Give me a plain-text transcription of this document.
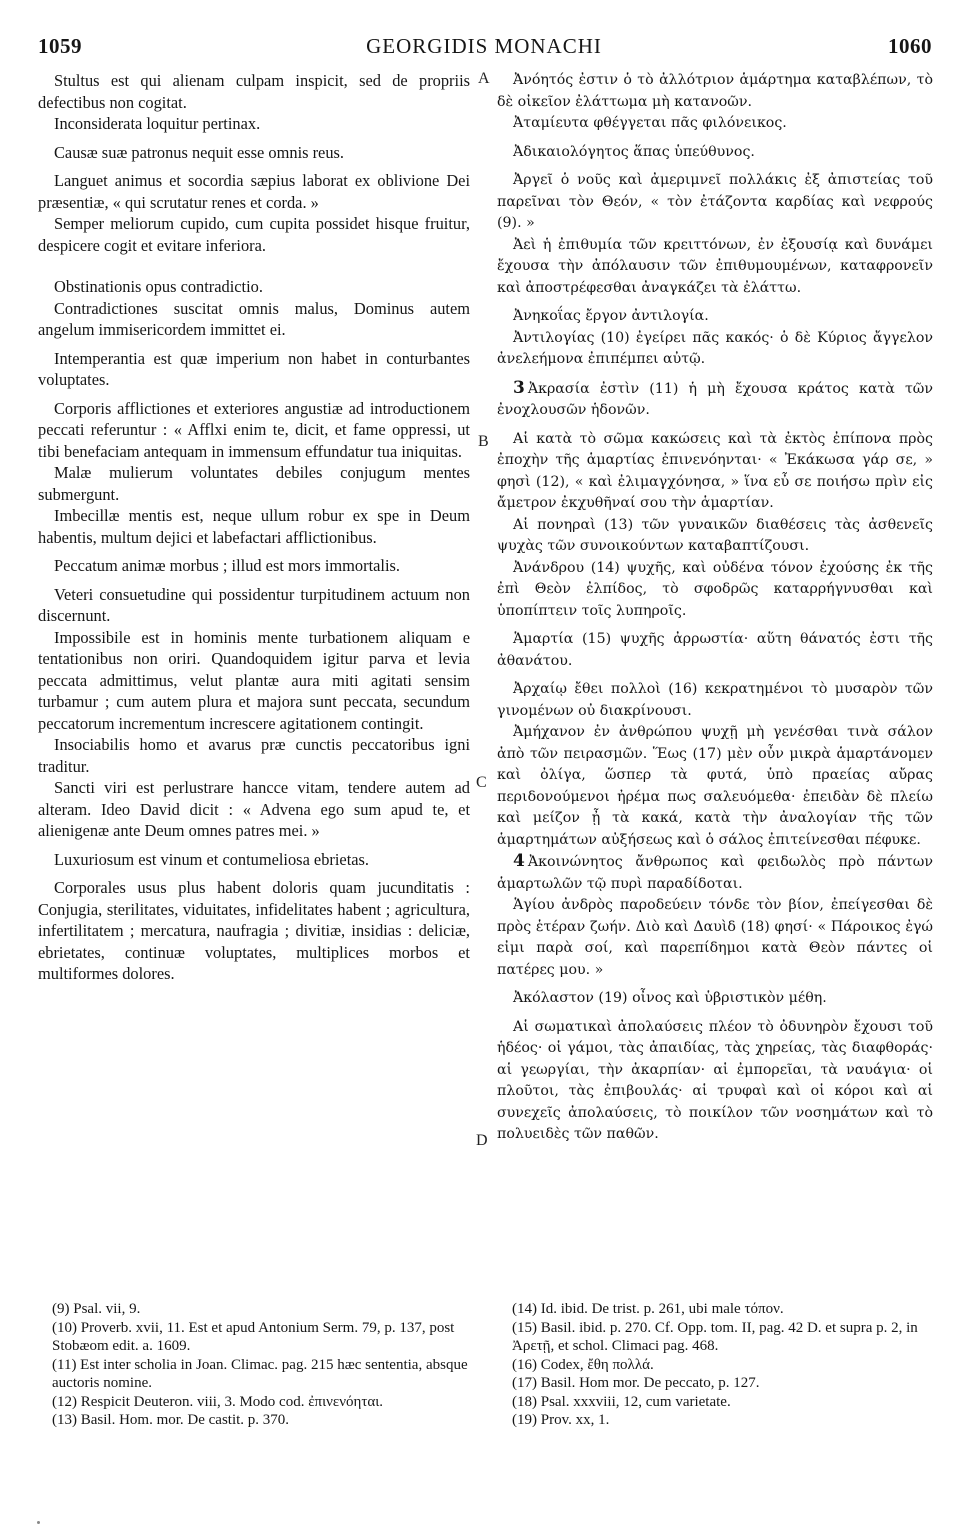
1059	GEORGIDIS MONACHI	1060
A
B
C
D

Stultus est qui alienam culpam inspicit, sed de propriis defectibus non cogitat.

Inconsiderata loquitur pertinax.

Causæ suæ patronus nequit esse omnis reus.

Languet animus et socordia sæpius laborat ex oblivione Dei præsentiæ, « qui scrutatur renes et corda. »

Semper meliorum cupido, cum cupita possidet hisque fruitur, despicere cogit et evitare inferiora.

Obstinationis opus contradictio.

Contradictiones suscitat omnis malus, Dominus autem angelum immisericordem immittet ei.

Intemperantia est quæ imperium non habet in conturbantes voluptates.

Corporis afflictiones et exteriores angustiæ ad introductionem peccati referuntur : « Afflxi enim te, dicit, et fame oppressi, ut tibi benefaciam antequam in immensum effundatur tua iniquitas.

Malæ mulierum voluntates debiles conjugum mentes submergunt.

Imbecillæ mentis est, neque ullum robur ex spe in Deum habentis, multum dejici et labefactari afflictionibus.

Peccatum animæ morbus ; illud est mors immortalis.

Veteri consuetudine qui possidentur turpitudinem actuum non discernunt.

Impossibile est in hominis mente turbationem aliquam e tentationibus non oriri. Quandoquidem igitur parva et levia peccata admittimus, velut plantæ aura miti agitati sensim turbamur ; cum autem plura et majora sunt peccata, secundum peccatorum incrementum increscere agitationem contingit.

Insociabilis homo et avarus præ cunctis peccatoribus igni traditur.

Sancti viri est perlustrare hancce vitam, tendere autem ad alteram. Ideo David dicit : « Advena ego sum apud te, et alienigenæ ante Deum omnes patres mei. »

Luxuriosum est vinum et contumeliosa ebrietas.

Corporales usus plus habent doloris quam jucunditatis : Conjugia, sterilitates, viduitates, infidelitates habent ; agricultura, infertilitatem ; mercatura, naufragia ; divitiæ, insidias : deliciæ, ebrietates, continuæ voluptates, multiplices morbos et multiformes dolores.

Ἀνόητός ἐστιν ὁ τὸ ἀλλότριον ἁμάρτημα καταβλέπων, τὸ δὲ οἰκεῖον ἐλάττωμα μὴ κατανοῶν.

Ἀταμίευτα φθέγγεται πᾶς φιλόνεικος.

Ἀδικαιολόγητος ἅπας ὑπεύθυνος.

Ἀργεῖ ὁ νοῦς καὶ ἀμεριμνεῖ πολλάκις ἐξ ἀπιστείας τοῦ παρεῖναι τὸν Θεόν, « τὸν ἐτάζοντα καρδίας καὶ νεφρούς (9). »

Ἀεὶ ἡ ἐπιθυμία τῶν κρειττόνων, ἐν ἐξουσίᾳ καὶ δυνάμει ἔχουσα τὴν ἀπόλαυσιν τῶν ἐπιθυμουμένων, καταφρονεῖν καὶ ἀποστρέφεσθαι ἀναγκάζει τὰ ἐλάττω.

Ἀνηκοΐας ἔργον ἀντιλογία.

Ἀντιλογίας (10) ἐγείρει πᾶς κακός· ὁ δὲ Κύριος ἄγγελον ἀνελεήμονα ἐπιπέμπει αὐτῷ.

3 Ἀκρασία ἐστὶν (11) ἡ μὴ ἔχουσα κράτος κατὰ τῶν ἐνοχλουσῶν ἡδονῶν.

Αἱ κατὰ τὸ σῶμα κακώσεις καὶ τὰ ἐκτὸς ἐπίπονα πρὸς ἐποχὴν τῆς ἁμαρτίας ἐπινενόηνται· « Ἐκάκωσα γάρ σε, » φησὶ (12), « καὶ ἐλιμαγχόνησα, » ἵνα εὖ σε ποιήσω πρὶν εἰς ἄμετρον ἐκχυθῆναί σου τὴν ἁμαρτίαν.

Αἱ πονηραὶ (13) τῶν γυναικῶν διαθέσεις τὰς ἀσθενεῖς ψυχὰς τῶν συνοικούντων καταβαπτίζουσι.

Ἀνάνδρου (14) ψυχῆς, καὶ οὐδένα τόνον ἐχούσης ἐκ τῆς ἐπὶ Θεὸν ἐλπίδος, τὸ σφοδρῶς καταρρήγνυσθαι καὶ ὑποπίπτειν τοῖς λυπηροῖς.

Ἁμαρτία (15) ψυχῆς ἀρρωστία· αὕτη θάνατός ἐστι τῆς ἀθανάτου.

Ἀρχαίῳ ἔθει πολλοὶ (16) κεκρατημένοι τὸ μυσαρὸν τῶν γινομένων οὐ διακρίνουσι.

Ἀμήχανον ἐν ἀνθρώπου ψυχῇ μὴ γενέσθαι τινὰ σάλον ἀπὸ τῶν πειρασμῶν. Ἕως (17) μὲν οὖν μικρὰ ἁμαρτάνομεν καὶ ὀλίγα, ὥσπερ τὰ φυτά, ὑπὸ πραείας αὔρας περιδονούμενοι ἠρέμα πως σαλευόμεθα· ἐπειδὰν δὲ πλείω καὶ μείζον ᾖ τὰ κακά, κατὰ τὴν ἀναλογίαν τῆς τῶν ἁμαρτημάτων αὐξήσεως καὶ ὁ σάλος ἐπιτείνεσθαι πέφυκε.

4 Ἀκοινώνητος ἄνθρωπος καὶ φειδωλὸς πρὸ πάντων ἁμαρτωλῶν τῷ πυρὶ παραδίδοται.

Ἁγίου ἀνδρὸς παροδεύειν τόνδε τὸν βίον, ἐπείγεσθαι δὲ πρὸς ἑτέραν ζωήν. Διὸ καὶ Δαυὶδ (18) φησί· « Πάροικος ἐγώ εἰμι παρὰ σοί, καὶ παρεπίδημοι κατὰ Θεὸν πάντες οἱ πατέρες μου. »

Ἀκόλαστον (19) οἶνος καὶ ὑβριστικὸν μέθη.

Αἱ σωματικαὶ ἀπολαύσεις πλέον τὸ ὀδυνηρὸν ἔχουσι τοῦ ἡδέος· οἱ γάμοι, τὰς ἀπαιδίας, τὰς χηρείας, τὰς διαφθοράς· αἱ γεωργίαι, τὴν ἀκαρπίαν· αἱ ἐμπορεῖαι, τὰ ναυάγια· οἱ πλοῦτοι, τὰς ἐπιβουλάς· αἱ τρυφαὶ καὶ οἱ κόροι καὶ αἱ συνεχεῖς ἀπολαύσεις, τὸ ποικίλον τῶν νοσημάτων καὶ τὸ πολυειδὲς τῶν παθῶν.

(9) Psal. vii, 9.

(10) Proverb. xvii, 11. Est et apud Antonium Serm. 79, p. 137, post Stobæom edit. a. 1609.

(11) Est inter scholia in Joan. Climac. pag. 215 hæc sententia, absque auctoris nomine.

(12) Respicit Deuteron. viii, 3. Modo cod. ἐπινενόηται.

(13) Basil. Hom. mor. De castit. p. 370.

(14) Id. ibid. De trist. p. 261, ubi male τόπον.

(15) Basil. ibid. p. 270. Cf. Opp. tom. II, pag. 42 D. et supra p. 2, in Ἀρετῇ, et schol. Climaci pag. 468.

(16) Codex, ἔθη πολλά.

(17) Basil. Hom mor. De peccato, p. 127.

(18) Psal. xxxviii, 12, cum varietate.

(19) Prov. xx, 1.
